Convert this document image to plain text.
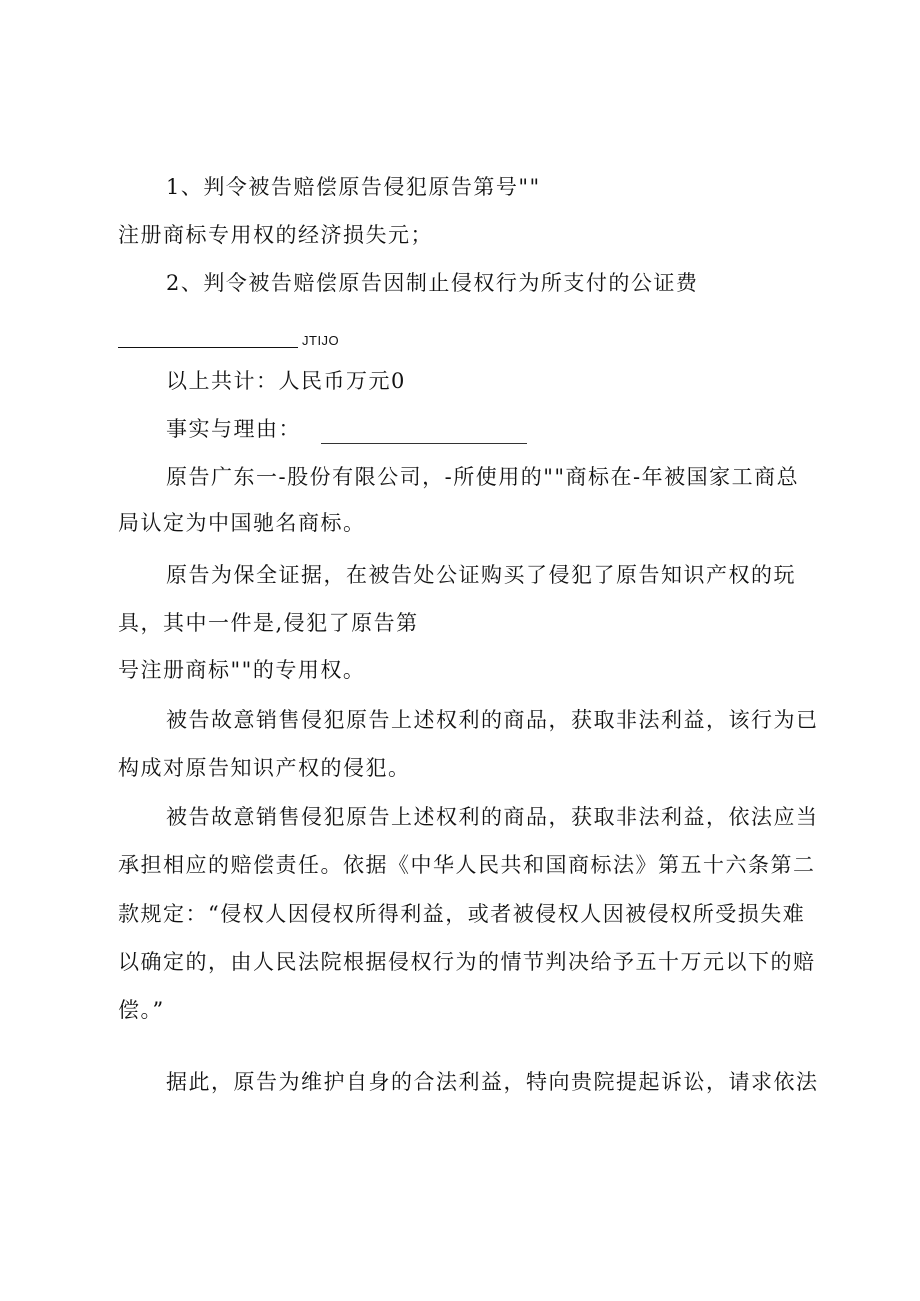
1、判令被告赔偿原告侵犯原告第号""
注册商标专用权的经济损失元；
2、判令被告赔偿原告因制止侵权行为所支付的公证费
JTIJO
以上共计：人民币万元0
事实与理由：
原告广东一-股份有限公司，-所使用的""商标在-年被国家工商总
局认定为中国驰名商标。
原告为保全证据，在被告处公证购买了侵犯了原告知识产权的玩
具，其中一件是,侵犯了原告第
号注册商标""的专用权。
被告故意销售侵犯原告上述权利的商品，获取非法利益，该行为已
构成对原告知识产权的侵犯。
被告故意销售侵犯原告上述权利的商品，获取非法利益，依法应当
承担相应的赔偿责任。依据《中华人民共和国商标法》第五十六条第二
款规定：“侵权人因侵权所得利益，或者被侵权人因被侵权所受损失难
以确定的，由人民法院根据侵权行为的情节判决给予五十万元以下的赔
偿。”
据此，原告为维护自身的合法利益，特向贵院提起诉讼，请求依法
